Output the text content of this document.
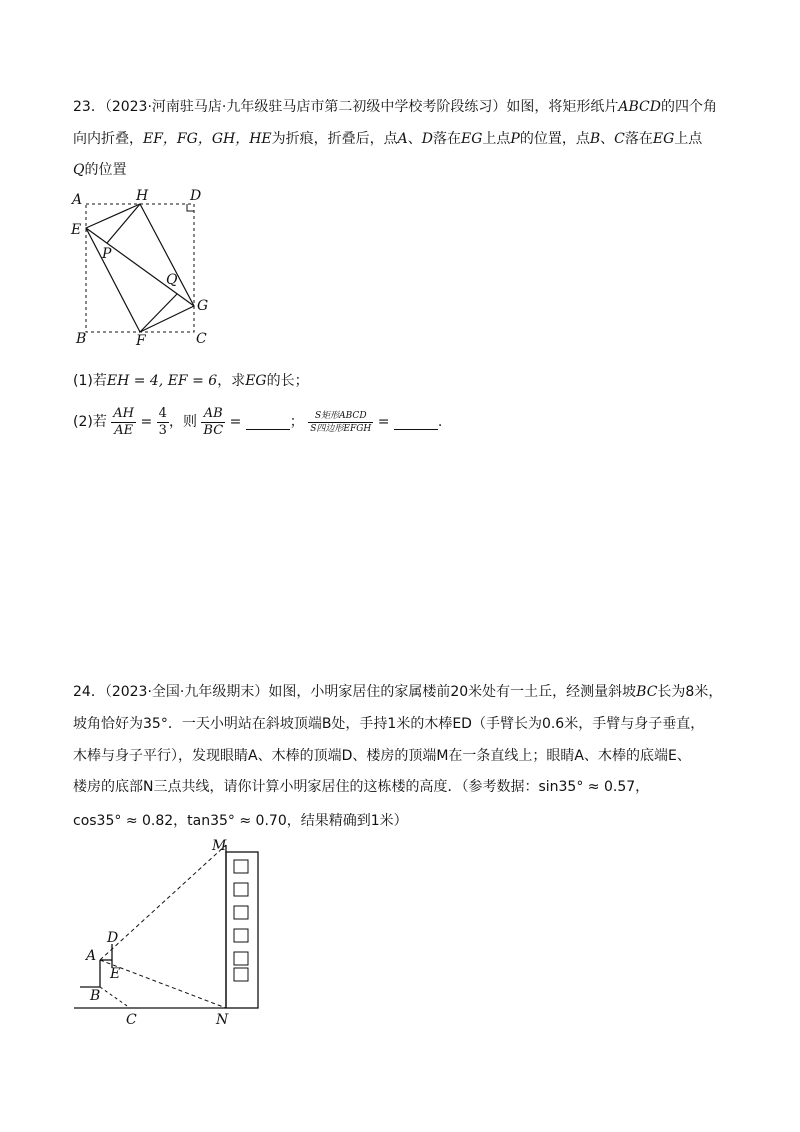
23．（2023·河南驻马店·九年级驻马店市第二初级中学校考阶段练习）如图，将矩形纸片ABCD的四个角
向内折叠，EF，FG，GH，HE为折痕，折叠后，点A、D落在EG上点P的位置，点B、C落在EG上点
Q的位置
A	H	D
E
P
Q
G
B	F	C
(1)若EH = 4, EF = 6，求EG的长；
(2)若 $\frac{AH}{AE} = \frac{4}{3}$ ，则 $\frac{AB}{BC}$ =	； $\frac{\text{S矩形ABCD}}{\text{S四边形EFGH}}$ =	.
24．（2023·全国·九年级期末）如图，小明家居住的家属楼前20米处有一土丘，经测量斜坡BC长为8米，
坡角恰好为35°．一天小明站在斜坡顶端B处，手持1米的木棒ED（手臂长为0.6米，手臂与身子垂直，
木棒与身子平行），发现眼睛A、木棒的顶端D、楼房的顶端M在一条直线上；眼睛A、木棒的底端E、
楼房的底部N三点共线，请你计算小明家居住的这栋楼的高度．（参考数据：sin35° ≈ 0.57，
cos35° ≈ 0.82，tan35° ≈ 0.70，结果精确到1米）
M
D
A
E
B
C	N
